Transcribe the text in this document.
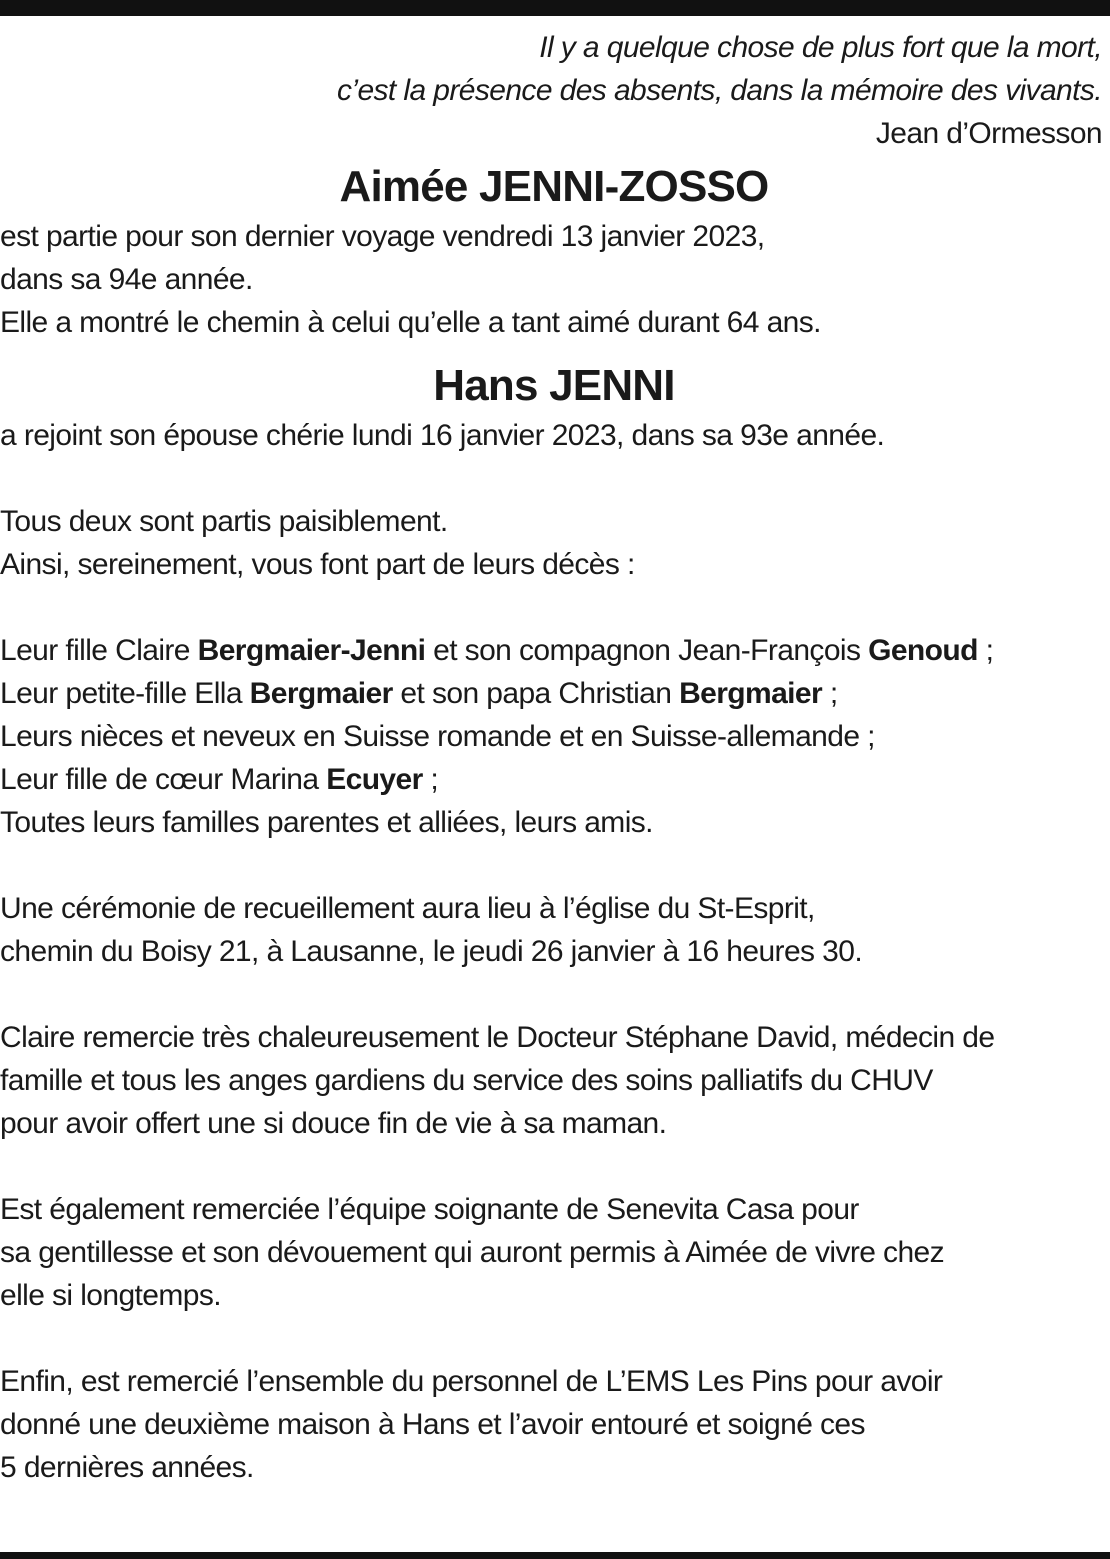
Il y a quelque chose de plus fort que la mort,
c’est la présence des absents, dans la mémoire des vivants.
Jean d’Ormesson
Aimée JENNI-ZOSSO
est partie pour son dernier voyage vendredi 13 janvier 2023,
dans sa 94e année.
Elle a montré le chemin à celui qu’elle a tant aimé durant 64 ans.
Hans JENNI
a rejoint son épouse chérie lundi 16 janvier 2023, dans sa 93e année.
Tous deux sont partis paisiblement.
Ainsi, sereinement, vous font part de leurs décès :
Leur fille Claire Bergmaier-Jenni et son compagnon Jean-François Genoud ;
Leur petite-fille Ella Bergmaier et son papa Christian Bergmaier ;
Leurs nièces et neveux en Suisse romande et en Suisse-allemande ;
Leur fille de cœur Marina Ecuyer ;
Toutes leurs familles parentes et alliées, leurs amis.
Une cérémonie de recueillement aura lieu à l’église du St-Esprit,
chemin du Boisy 21, à Lausanne, le jeudi 26 janvier à 16 heures 30.
Claire remercie très chaleureusement le Docteur Stéphane David, médecin de
famille et tous les anges gardiens du service des soins palliatifs du CHUV
pour avoir offert une si douce fin de vie à sa maman.
Est également remerciée l’équipe soignante de Senevita Casa pour
sa gentillesse et son dévouement qui auront permis à Aimée de vivre chez
elle si longtemps.
Enfin, est remercié l’ensemble du personnel de L’EMS Les Pins pour avoir
donné une deuxième maison à Hans et l’avoir entouré et soigné ces
5 dernières années.
